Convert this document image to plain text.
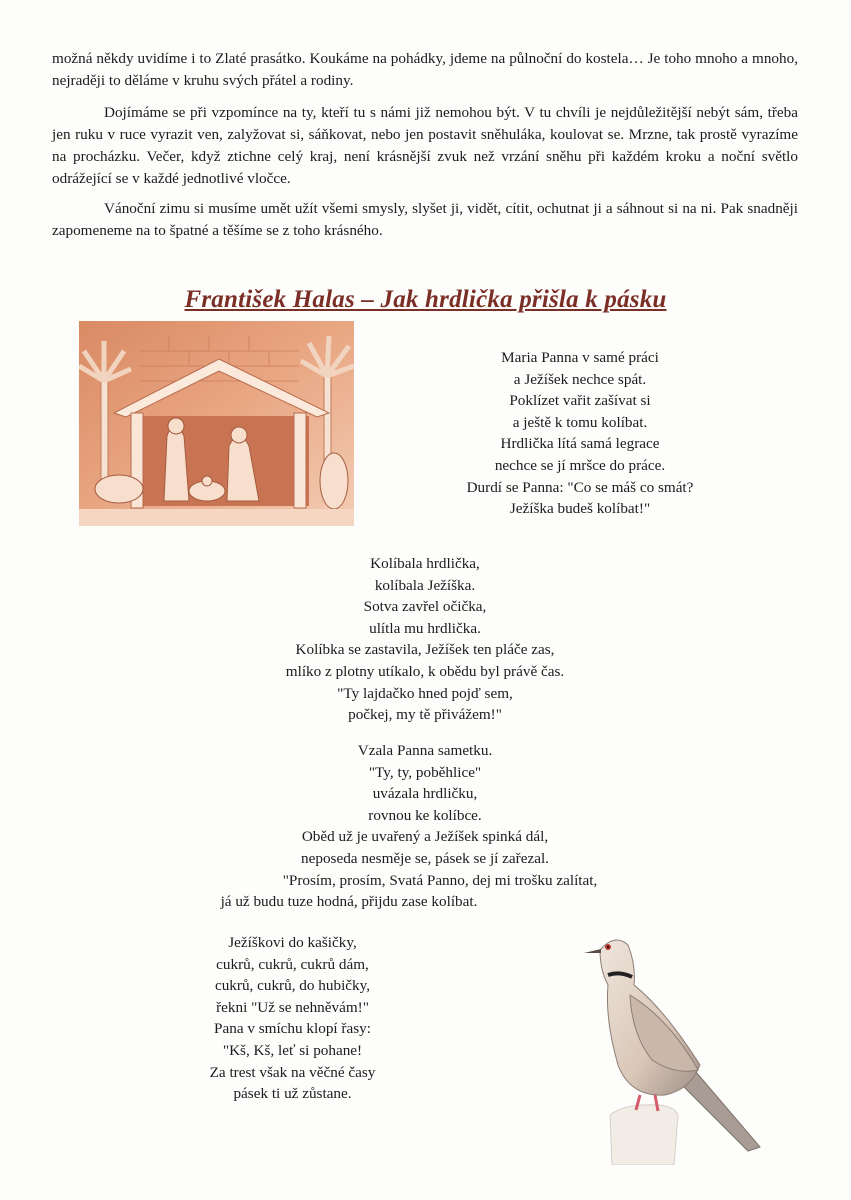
možná někdy uvidíme i to Zlaté prasátko. Koukáme na pohádky, jdeme na půlnoční do kostela… Je toho mnoho a mnoho, nejraději to děláme v kruhu svých přátel a rodiny.

Dojímáme se při vzpomínce na ty, kteří tu s námi již nemohou být. V tu chvíli je nejdůležitější nebýt sám, třeba jen ruku v ruce vyrazit ven, zalyžovat si, sáňkovat, nebo jen postavit sněhuláka, koulovat se. Mrzne, tak prostě vyrazíme na procházku. Večer, když ztichne celý kraj, není krásnější zvuk než vrzání sněhu při každém kroku a noční světlo odrážející se v každé jednotlivé vločce.

Vánoční zimu si musíme umět užít všemi smysly, slyšet ji, vidět, cítit, ochutnat ji a sáhnout si na ni. Pak snadněji zapomeneme na to špatné a těšíme se z toho krásného.

František Halas – Jak hrdlička přišla k pásku
Maria Panna v samé práci
a Ježíšek nechce spát.
Poklízet vařit zašívat si
a ještě k tomu kolíbat.
Hrdlička lítá samá legrace
nechce se jí mršce do práce.
Durdí se Panna: "Co se máš co smát?
Ježíška budeš kolíbat!"
Kolíbala hrdlička,
kolíbala Ježíška.
Sotva zavřel očička,
ulítla mu hrdlička.
Kolíbka se zastavila, Ježíšek ten pláče zas,
mlíko z plotny utíkalo, k obědu byl právě čas.
"Ty lajdačko hned pojď sem,
počkej, my tě přivážem!"
Vzala Panna sametku.
"Ty, ty, poběhlice"
uvázala hrdličku,
rovnou ke kolíbce.
Oběd už je uvařený a Ježíšek spinká dál,
neposeda nesměje se, pásek se jí zařezal.
"Prosím, prosím, Svatá Panno, dej mi trošku zalítat,
já už budu tuze hodná, přijdu zase kolíbat.
Ježíškovi do kašičky,
cukrů, cukrů, cukrů dám,
cukrů, cukrů, do hubičky,
řekni "Už se nehněvám!"
Pana v smíchu klopí řasy:
"Kš, Kš, leť si pohane!
Za trest však na věčné časy
pásek ti už zůstane.
